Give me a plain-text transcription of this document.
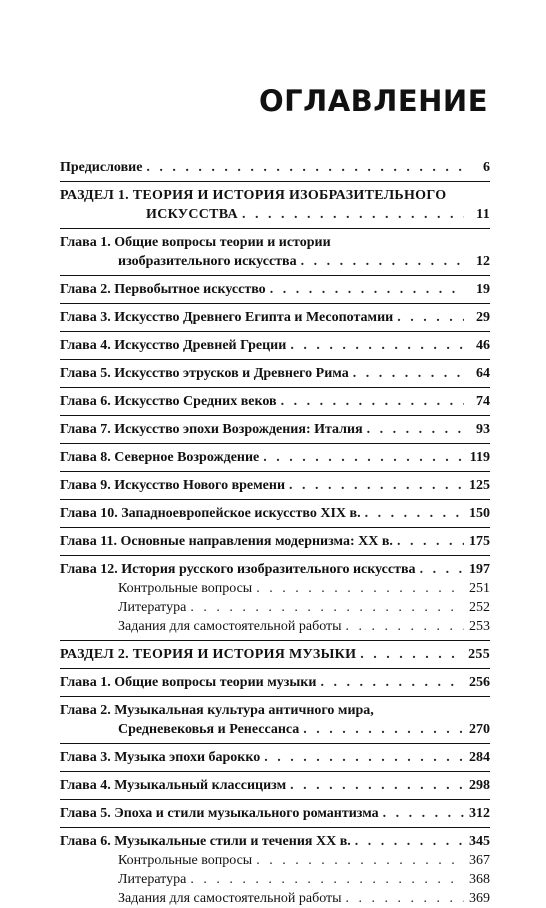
ОГЛАВЛЕНИЕ
Предисловие . . .	6
РАЗДЕЛ 1. ТЕОРИЯ И ИСТОРИЯ ИЗОБРАЗИТЕЛЬНОГО
ИСКУССТВА . . .	11
Глава 1. Общие вопросы теории и истории
изобразительного искусства . . .	12
Глава 2. Первобытное искусство . . .	19
Глава 3. Искусство Древнего Египта и Месопотамии . . .	29
Глава 4. Искусство Древней Греции . . .	46
Глава 5. Искусство этрусков и Древнего Рима . . .	64
Глава 6. Искусство Средних веков . . .	74
Глава 7. Искусство эпохи Возрождения: Италия . . .	93
Глава 8. Северное Возрождение . . .	119
Глава 9. Искусство Нового времени . . .	125
Глава 10. Западноевропейское искусство XIX в. . . .	150
Глава 11. Основные направления модернизма: XX в. . . .	175
Глава 12. История русского изобразительного искусства . . .	197
Контрольные вопросы . . .	251
Литература . . .	252
Задания для самостоятельной работы . . .	253
РАЗДЕЛ 2. ТЕОРИЯ И ИСТОРИЯ МУЗЫКИ . . .	255
Глава 1. Общие вопросы теории музыки . . .	256
Глава 2. Музыкальная культура античного мира,
Средневековья и Ренессанса . . .	270
Глава 3. Музыка эпохи барокко . . .	284
Глава 4. Музыкальный классицизм . . .	298
Глава 5. Эпоха и стили музыкального романтизма . . .	312
Глава 6. Музыкальные стили и течения XX в. . . .	345
Контрольные вопросы . . .	367
Литература . . .	368
Задания для самостоятельной работы . . .	369
